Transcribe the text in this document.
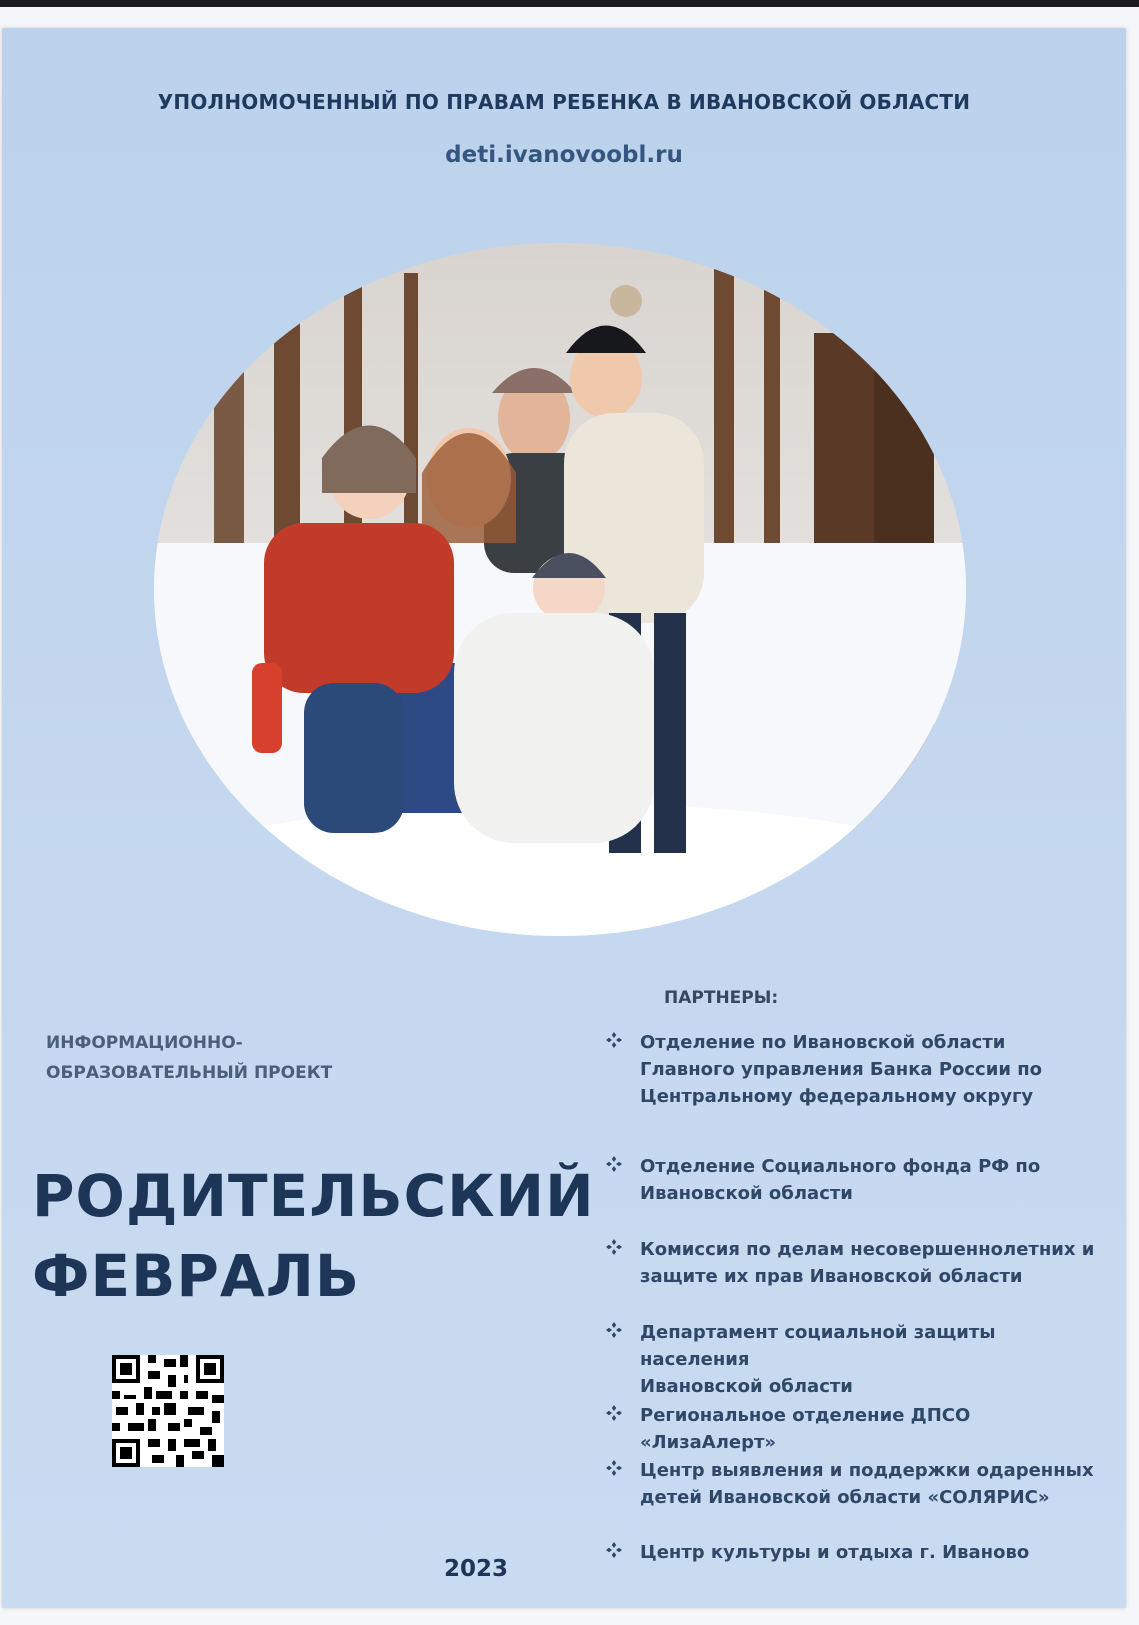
УПОЛНОМОЧЕННЫЙ ПО ПРАВАМ РЕБЕНКА В ИВАНОВСКОЙ ОБЛАСТИ
deti.ivanovoobl.ru
ИНФОРМАЦИОННО-
ОБРАЗОВАТЕЛЬНЫЙ ПРОЕКТ
РОДИТЕЛЬСКИЙ
ФЕВРАЛЬ
2023
ПАРТНЕРЫ:
Отделение по Ивановской области
Главного управления Банка России по
Центральному федеральному округу
Отделение Социального фонда РФ по
Ивановской области
Комиссия по делам несовершеннолетних и
защите их прав Ивановской области
Департамент социальной защиты населения
Ивановской области
Региональное отделение ДПСО «ЛизаАлерт»
Центр выявления и поддержки одаренных
детей Ивановской области «СОЛЯРИС»
Центр культуры и отдыха г. Иваново
